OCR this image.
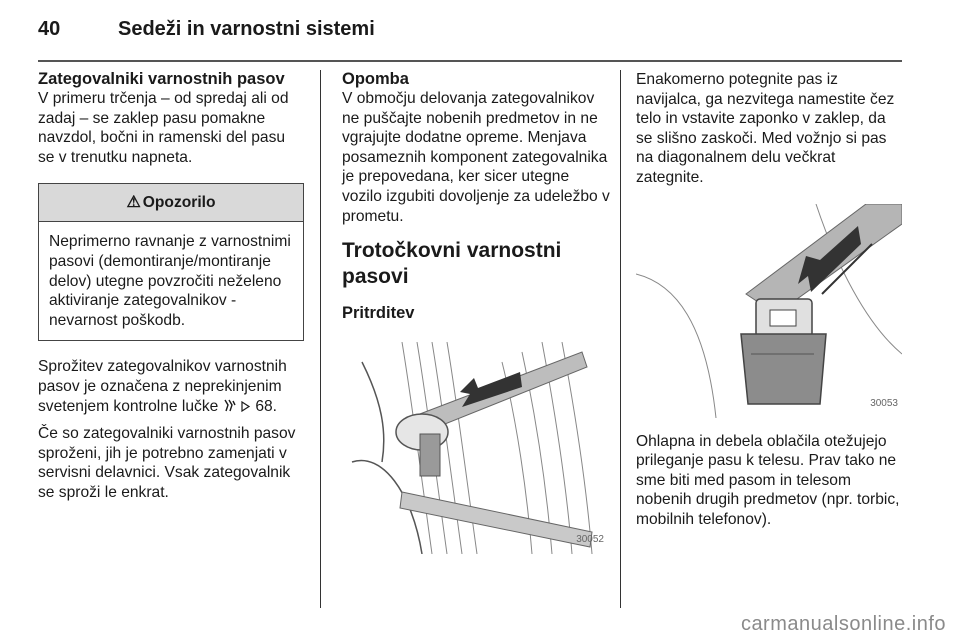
40	Sedeži in varnostni sistemi
Zategovalniki varnostnih pasov
V primeru trčenja – od spredaj ali od zadaj – se zaklep pasu pomakne navzdol, bočni in ramenski del pasu se v trenutku napneta.
⚠ Opozorilo
Neprimerno ravnanje z varnostnimi pasovi (demontiranje/montiranje delov) utegne povzročiti neželeno aktiviranje zategovalnikov - nevarnost poškodb.
Sprožitev zategovalnikov varnostnih pasov je označena z neprekinjenim svetenjem kontrolne lučke 68.
Če so zategovalniki varnostnih pasov sproženi, jih je potrebno zamenjati v servisni delavnici. Vsak zategovalnik se sproži le enkrat.
Opomba
V območju delovanja zategovalnikov ne puščajte nobenih predmetov in ne vgrajujte dodatne opreme. Menjava posameznih komponent zategovalnika je prepovedana, ker sicer utegne vozilo izgubiti dovoljenje za udeležbo v prometu.
Trotočkovni varnostni pasovi
Pritrditev
30052
Enakomerno potegnite pas iz navijalca, ga nezvitega namestite čez telo in vstavite zaponko v zaklep, da se slišno zaskoči. Med vožnjo si pas na diagonalnem delu večkrat zategnite.
30053
Ohlapna in debela oblačila otežujejo prileganje pasu k telesu. Prav tako ne sme biti med pasom in telesom nobenih drugih predmetov (npr. torbic, mobilnih telefonov).
carmanualsonline.info
